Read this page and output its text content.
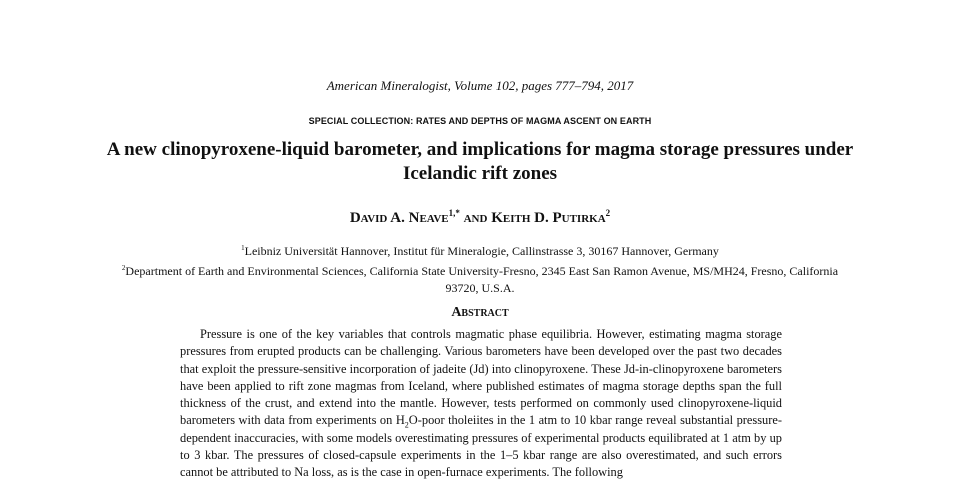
American Mineralogist, Volume 102, pages 777–794, 2017
SPECIAL COLLECTION: RATES AND DEPTHS OF MAGMA ASCENT ON EARTH
A new clinopyroxene-liquid barometer, and implications for magma storage pressures under Icelandic rift zones
David A. Neave$^{1,*}$ and Keith D. Putirka$^2$
$^1$Leibniz Universität Hannover, Institut für Mineralogie, Callinstrasse 3, 30167 Hannover, Germany
$^2$Department of Earth and Environmental Sciences, California State University-Fresno, 2345 East San Ramon Avenue, MS/MH24, Fresno, California 93720, U.S.A.
Abstract
Pressure is one of the key variables that controls magmatic phase equilibria. However, estimating magma storage pressures from erupted products can be challenging. Various barometers have been developed over the past two decades that exploit the pressure-sensitive incorporation of jadeite (Jd) into clinopyroxene. These Jd-in-clinopyroxene barometers have been applied to rift zone magmas from Iceland, where published estimates of magma storage depths span the full thickness of the crust, and extend into the mantle. However, tests performed on commonly used clinopyroxene-liquid barometers with data from experiments on $H_2O$-poor tholeiites in the 1 atm to 10 kbar range reveal substantial pressure-dependent inaccuracies, with some models overestimating pressures of experimental products equilibrated at 1 atm by up to 3 kbar. The pressures of closed-capsule experiments in the 1–5 kbar range are also overestimated, and such errors cannot be attributed to Na loss, as is the case in open-furnace experiments. The following
